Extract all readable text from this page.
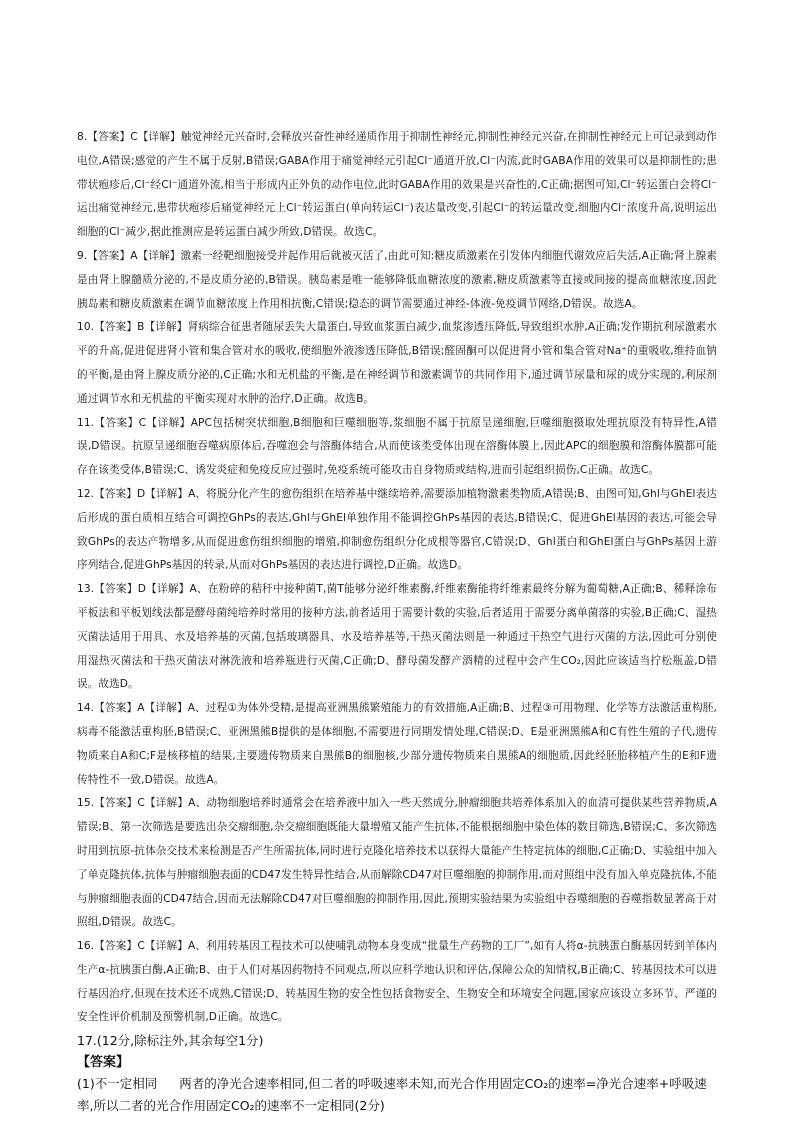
8.【答案】C【详解】触觉神经元兴奋时,会释放兴奋性神经递质作用于抑制性神经元,抑制性神经元兴奋,在抑制性神经元上可记录到动作电位,A错误;感觉的产生不属于反射,B错误;GABA作用于痛觉神经元引起Cl⁻通道开放,Cl⁻内流,此时GABA作用的效果可以是抑制性的;患带状疱疹后,Cl⁻经Cl⁻通道外流,相当于形成内正外负的动作电位,此时GABA作用的效果是兴奋性的,C正确;据图可知,Cl⁻转运蛋白会将Cl⁻运出痛觉神经元,患带状疱疹后痛觉神经元上Cl⁻转运蛋白(单向转运Cl⁻)表达量改变,引起Cl⁻的转运量改变,细胞内Cl⁻浓度升高,说明运出细胞的Cl⁻减少,据此推测应是转运蛋白减少所致,D错误。故选C。

9.【答案】A【详解】激素一经靶细胞接受并起作用后就被灭活了,由此可知:糖皮质激素在引发体内细胞代谢效应后失活,A正确;肾上腺素是由肾上腺髓质分泌的,不是皮质分泌的,B错误。胰岛素是唯一能够降低血糖浓度的激素,糖皮质激素等直接或间接的提高血糖浓度,因此胰岛素和糖皮质激素在调节血糖浓度上作用相抗衡,C错误;稳态的调节需要通过神经-体液-免疫调节网络,D错误。故选A。

10.【答案】B【详解】肾病综合征患者随尿丢失大量蛋白,导致血浆蛋白减少,血浆渗透压降低,导致组织水肿,A正确;发作期抗利尿激素水平的升高,促进促进肾小管和集合管对水的吸收,使细胞外液渗透压降低,B错误;醛固酮可以促进肾小管和集合管对Na⁺的重吸收,维持血钠的平衡,是由肾上腺皮质分泌的,C正确;水和无机盐的平衡,是在神经调节和激素调节的共同作用下,通过调节尿量和尿的成分实现的,利尿剂通过调节水和无机盐的平衡实现对水肿的治疗,D正确。故选B。

11.【答案】C【详解】APC包括树突状细胞,B细胞和巨噬细胞等,浆细胞不属于抗原呈递细胞,巨噬细胞摄取处理抗原没有特异性,A错误,D错误。抗原呈递细胞吞噬病原体后,吞噬泡会与溶酶体结合,从而使该类受体出现在溶酶体膜上,因此APC的细胞膜和溶酶体膜都可能存在该类受体,B错误;C、诱发炎症和免疫反应过强时,免疫系统可能攻击自身物质或结构,进而引起组织损伤,C正确。故选C。

12.【答案】D【详解】A、将脱分化产生的愈伤组织在培养基中继续培养,需要添加植物激素类物质,A错误;B、由图可知,Ghl与GhEl表达后形成的蛋白质相互结合可调控GhPs的表达,Ghl与GhEl单独作用不能调控GhPs基因的表达,B错误;C、促进GhEl基因的表达,可能会导致GhPs的表达产物增多,从而促进愈伤组织细胞的增殖,抑制愈伤组织分化成根等器官,C错误;D、Ghl蛋白和GhEl蛋白与GhPs基因上游序列结合,促进GhPs基因的转录,从而对GhPs基因的表达进行调控,D正确。故选D。

13.【答案】D【详解】A、在粉碎的秸秆中接种菌T,菌T能够分泌纤维素酶,纤维素酶能将纤维素最终分解为葡萄糖,A正确;B、稀释涂布平板法和平板划线法都是酵母菌纯培养时常用的接种方法,前者适用于需要计数的实验,后者适用于需要分离单菌落的实验,B正确;C、湿热灭菌法适用于用具、水及培养基的灭菌,包括玻璃器具、水及培养基等,干热灭菌法则是一种通过干热空气进行灭菌的方法,因此可分别使用湿热灭菌法和干热灭菌法对淋洗液和培养瓶进行灭菌,C正确;D、酵母菌发酵产酒精的过程中会产生CO₂,因此应该适当拧松瓶盖,D错误。故选D。

14.【答案】A【详解】A、过程①为体外受精,是提高亚洲黑熊繁殖能力的有效措施,A正确;B、过程③可用物理、化学等方法激活重构胚,病毒不能激活重构胚,B错误;C、亚洲黑熊B提供的是体细胞,不需要进行同期发情处理,C错误;D、E是亚洲黑熊A和C有性生殖的子代,遗传物质来自A和C;F是核移植的结果,主要遗传物质来自黑熊B的细胞核,少部分遗传物质来自黑熊A的细胞质,因此经胚胎移植产生的E和F遗传特性不一致,D错误。故选A。

15.【答案】C【详解】A、动物细胞培养时通常会在培养液中加入一些天然成分,肿瘤细胞共培养体系加入的血清可提供某些营养物质,A错误;B、第一次筛选是要选出杂交瘤细胞,杂交瘤细胞既能大量增殖又能产生抗体,不能根据细胞中染色体的数目筛选,B错误;C、多次筛选时用到抗原-抗体杂交技术来检测是否产生所需抗体,同时进行克隆化培养技术以获得大量能产生特定抗体的细胞,C正确;D、实验组中加入了单克隆抗体,抗体与肿瘤细胞表面的CD47发生特异性结合,从而解除CD47对巨噬细胞的抑制作用,而对照组中没有加入单克隆抗体,不能与肿瘤细胞表面的CD47结合,因而无法解除CD47对巨噬细胞的抑制作用,因此,预期实验结果为实验组中吞噬细胞的吞噬指数显著高于对照组,D错误。故选C。

16.【答案】C【详解】A、利用转基因工程技术可以使哺乳动物本身变成“批量生产药物的工厂”,如有人将α-抗胰蛋白酶基因转到羊体内生产α-抗胰蛋白酶,A正确;B、由于人们对基因药物持不同观点,所以应科学地认识和评估,保障公众的知情权,B正确;C、转基因技术可以进行基因治疗,但现在技术还不成熟,C错误;D、转基因生物的安全性包括食物安全、生物安全和环境安全问题,国家应该设立多环节、严谨的安全性评价机制及预警机制,D正确。故选C。

17.(12分,除标注外,其余每空1分)

【答案】

(1)不一定相同 两者的净光合速率相同,但二者的呼吸速率未知,而光合作用固定CO₂的速率=净光合速率+呼吸速率,所以二者的光合作用固定CO₂的速率不一定相同(2分)
